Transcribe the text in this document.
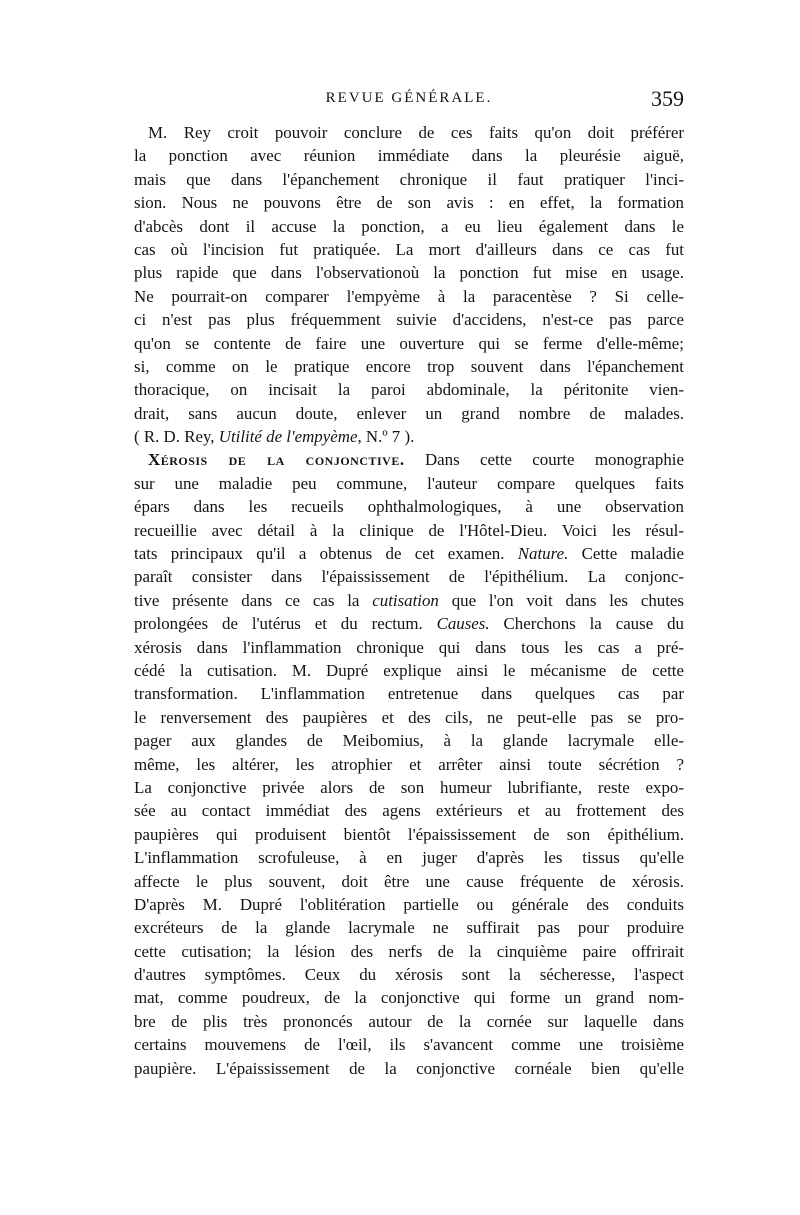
REVUE GÉNÉRALE.	359
M. Rey croit pouvoir conclure de ces faits qu'on doit préférer
la ponction avec réunion immédiate dans la pleurésie aiguë,
mais que dans l'épanchement chronique il faut pratiquer l'inci-
sion. Nous ne pouvons être de son avis : en effet, la formation
d'abcès dont il accuse la ponction, a eu lieu également dans le
cas où l'incision fut pratiquée. La mort d'ailleurs dans ce cas fut
plus rapide que dans l'observationoù la ponction fut mise en usage.
Ne pourrait-on comparer l'empyème à la paracentèse ? Si celle-
ci n'est pas plus fréquemment suivie d'accidens, n'est-ce pas parce
qu'on se contente de faire une ouverture qui se ferme d'elle-même;
si, comme on le pratique encore trop souvent dans l'épanchement
thoracique, on incisait la paroi abdominale, la péritonite vien-
drait, sans aucun doute, enlever un grand nombre de malades.
( R. D. Rey, Utilité de l'empyème, N.º 7 ).
Xérosis de la conjonctive. Dans cette courte monographie
sur une maladie peu commune, l'auteur compare quelques faits
épars dans les recueils ophthalmologiques, à une observation
recueillie avec détail à la clinique de l'Hôtel-Dieu. Voici les résul-
tats principaux qu'il a obtenus de cet examen. Nature. Cette maladie
paraît consister dans l'épaississement de l'épithélium. La conjonc-
tive présente dans ce cas la cutisation que l'on voit dans les chutes
prolongées de l'utérus et du rectum. Causes. Cherchons la cause du
xérosis dans l'inflammation chronique qui dans tous les cas a pré-
cédé la cutisation. M. Dupré explique ainsi le mécanisme de cette
transformation. L'inflammation entretenue dans quelques cas par
le renversement des paupières et des cils, ne peut-elle pas se pro-
pager aux glandes de Meibomius, à la glande lacrymale elle-
même, les altérer, les atrophier et arrêter ainsi toute sécrétion ?
La conjonctive privée alors de son humeur lubrifiante, reste expo-
sée au contact immédiat des agens extérieurs et au frottement des
paupières qui produisent bientôt l'épaississement de son épithélium.
L'inflammation scrofuleuse, à en juger d'après les tissus qu'elle
affecte le plus souvent, doit être une cause fréquente de xérosis.
D'après M. Dupré l'oblitération partielle ou générale des conduits
excréteurs de la glande lacrymale ne suffirait pas pour produire
cette cutisation; la lésion des nerfs de la cinquième paire offrirait
d'autres symptômes. Ceux du xérosis sont la sécheresse, l'aspect
mat, comme poudreux, de la conjonctive qui forme un grand nom-
bre de plis très prononcés autour de la cornée sur laquelle dans
certains mouvemens de l'œil, ils s'avancent comme une troisième
paupière. L'épaississement de la conjonctive cornéale bien qu'elle
